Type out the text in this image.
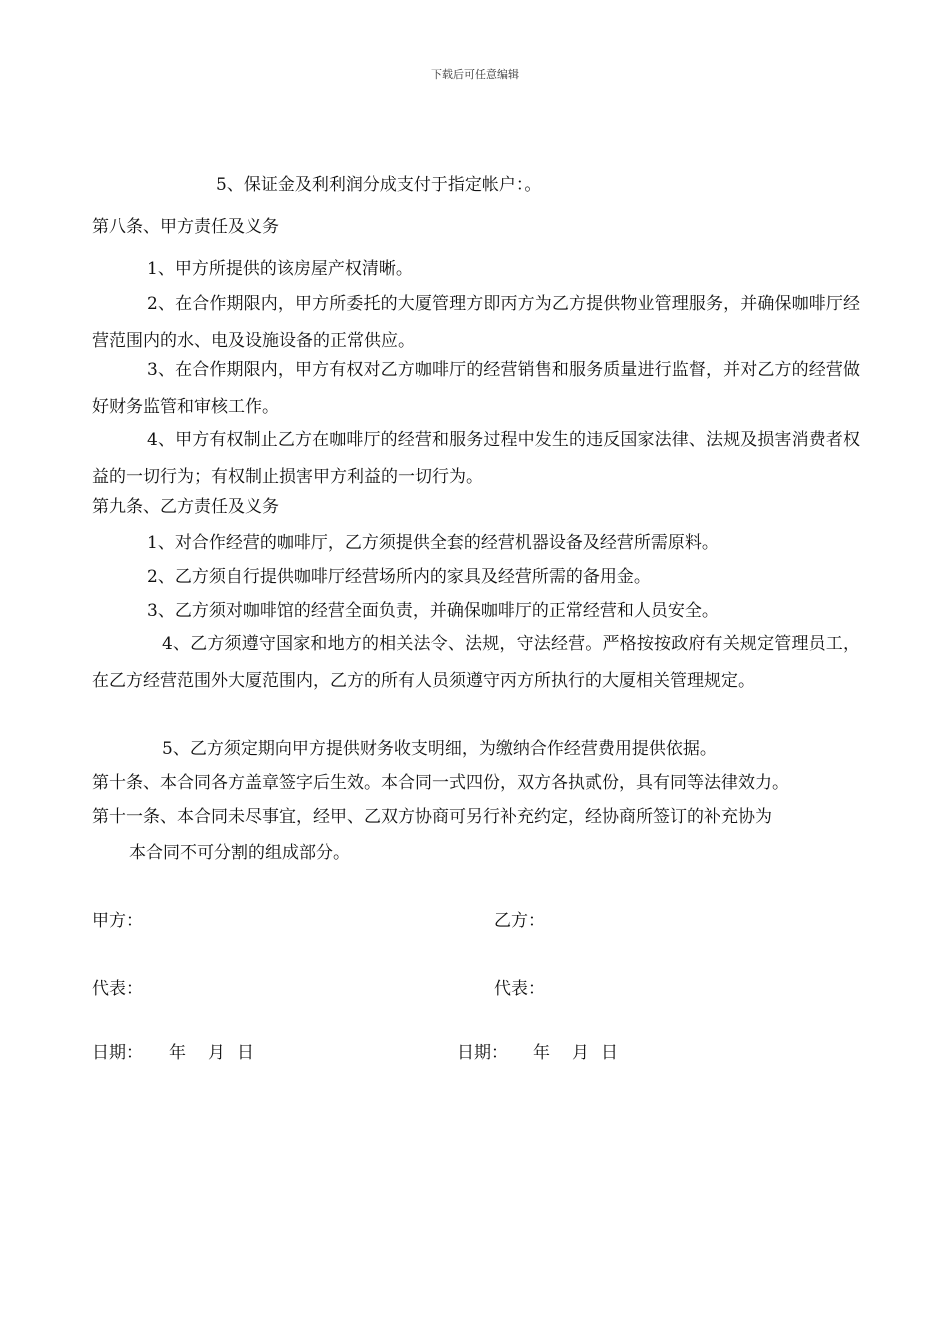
下载后可任意编辑
5、保证金及利利润分成支付于指定帐户：。
第八条、甲方责任及义务
1、甲方所提供的该房屋产权清晰。
2、在合作期限内，甲方所委托的大厦管理方即丙方为乙方提供物业管理服务，并确保咖啡厅经营范围内的水、电及设施设备的正常供应。
3、在合作期限内，甲方有权对乙方咖啡厅的经营销售和服务质量进行监督，并对乙方的经营做好财务监管和审核工作。
4、甲方有权制止乙方在咖啡厅的经营和服务过程中发生的违反国家法律、法规及损害消费者权益的一切行为；有权制止损害甲方利益的一切行为。
第九条、乙方责任及义务
1、对合作经营的咖啡厅，乙方须提供全套的经营机器设备及经营所需原料。
2、乙方须自行提供咖啡厅经营场所内的家具及经营所需的备用金。
3、乙方须对咖啡馆的经营全面负责，并确保咖啡厅的正常经营和人员安全。
4、乙方须遵守国家和地方的相关法令、法规，守法经营。严格按按政府有关规定管理员工，在乙方经营范围外大厦范围内，乙方的所有人员须遵守丙方所执行的大厦相关管理规定。
5、乙方须定期向甲方提供财务收支明细，为缴纳合作经营费用提供依据。
第十条、本合同各方盖章签字后生效。本合同一式四份，双方各执贰份，具有同等法律效力。
第十一条、本合同未尽事宜，经甲、乙双方协商可另行补充约定，经协商所签订的补充协为
本合同不可分割的组成部分。
甲方：	乙方：
代表：	代表：
日期： 年 月 日	日期： 年 月 日
